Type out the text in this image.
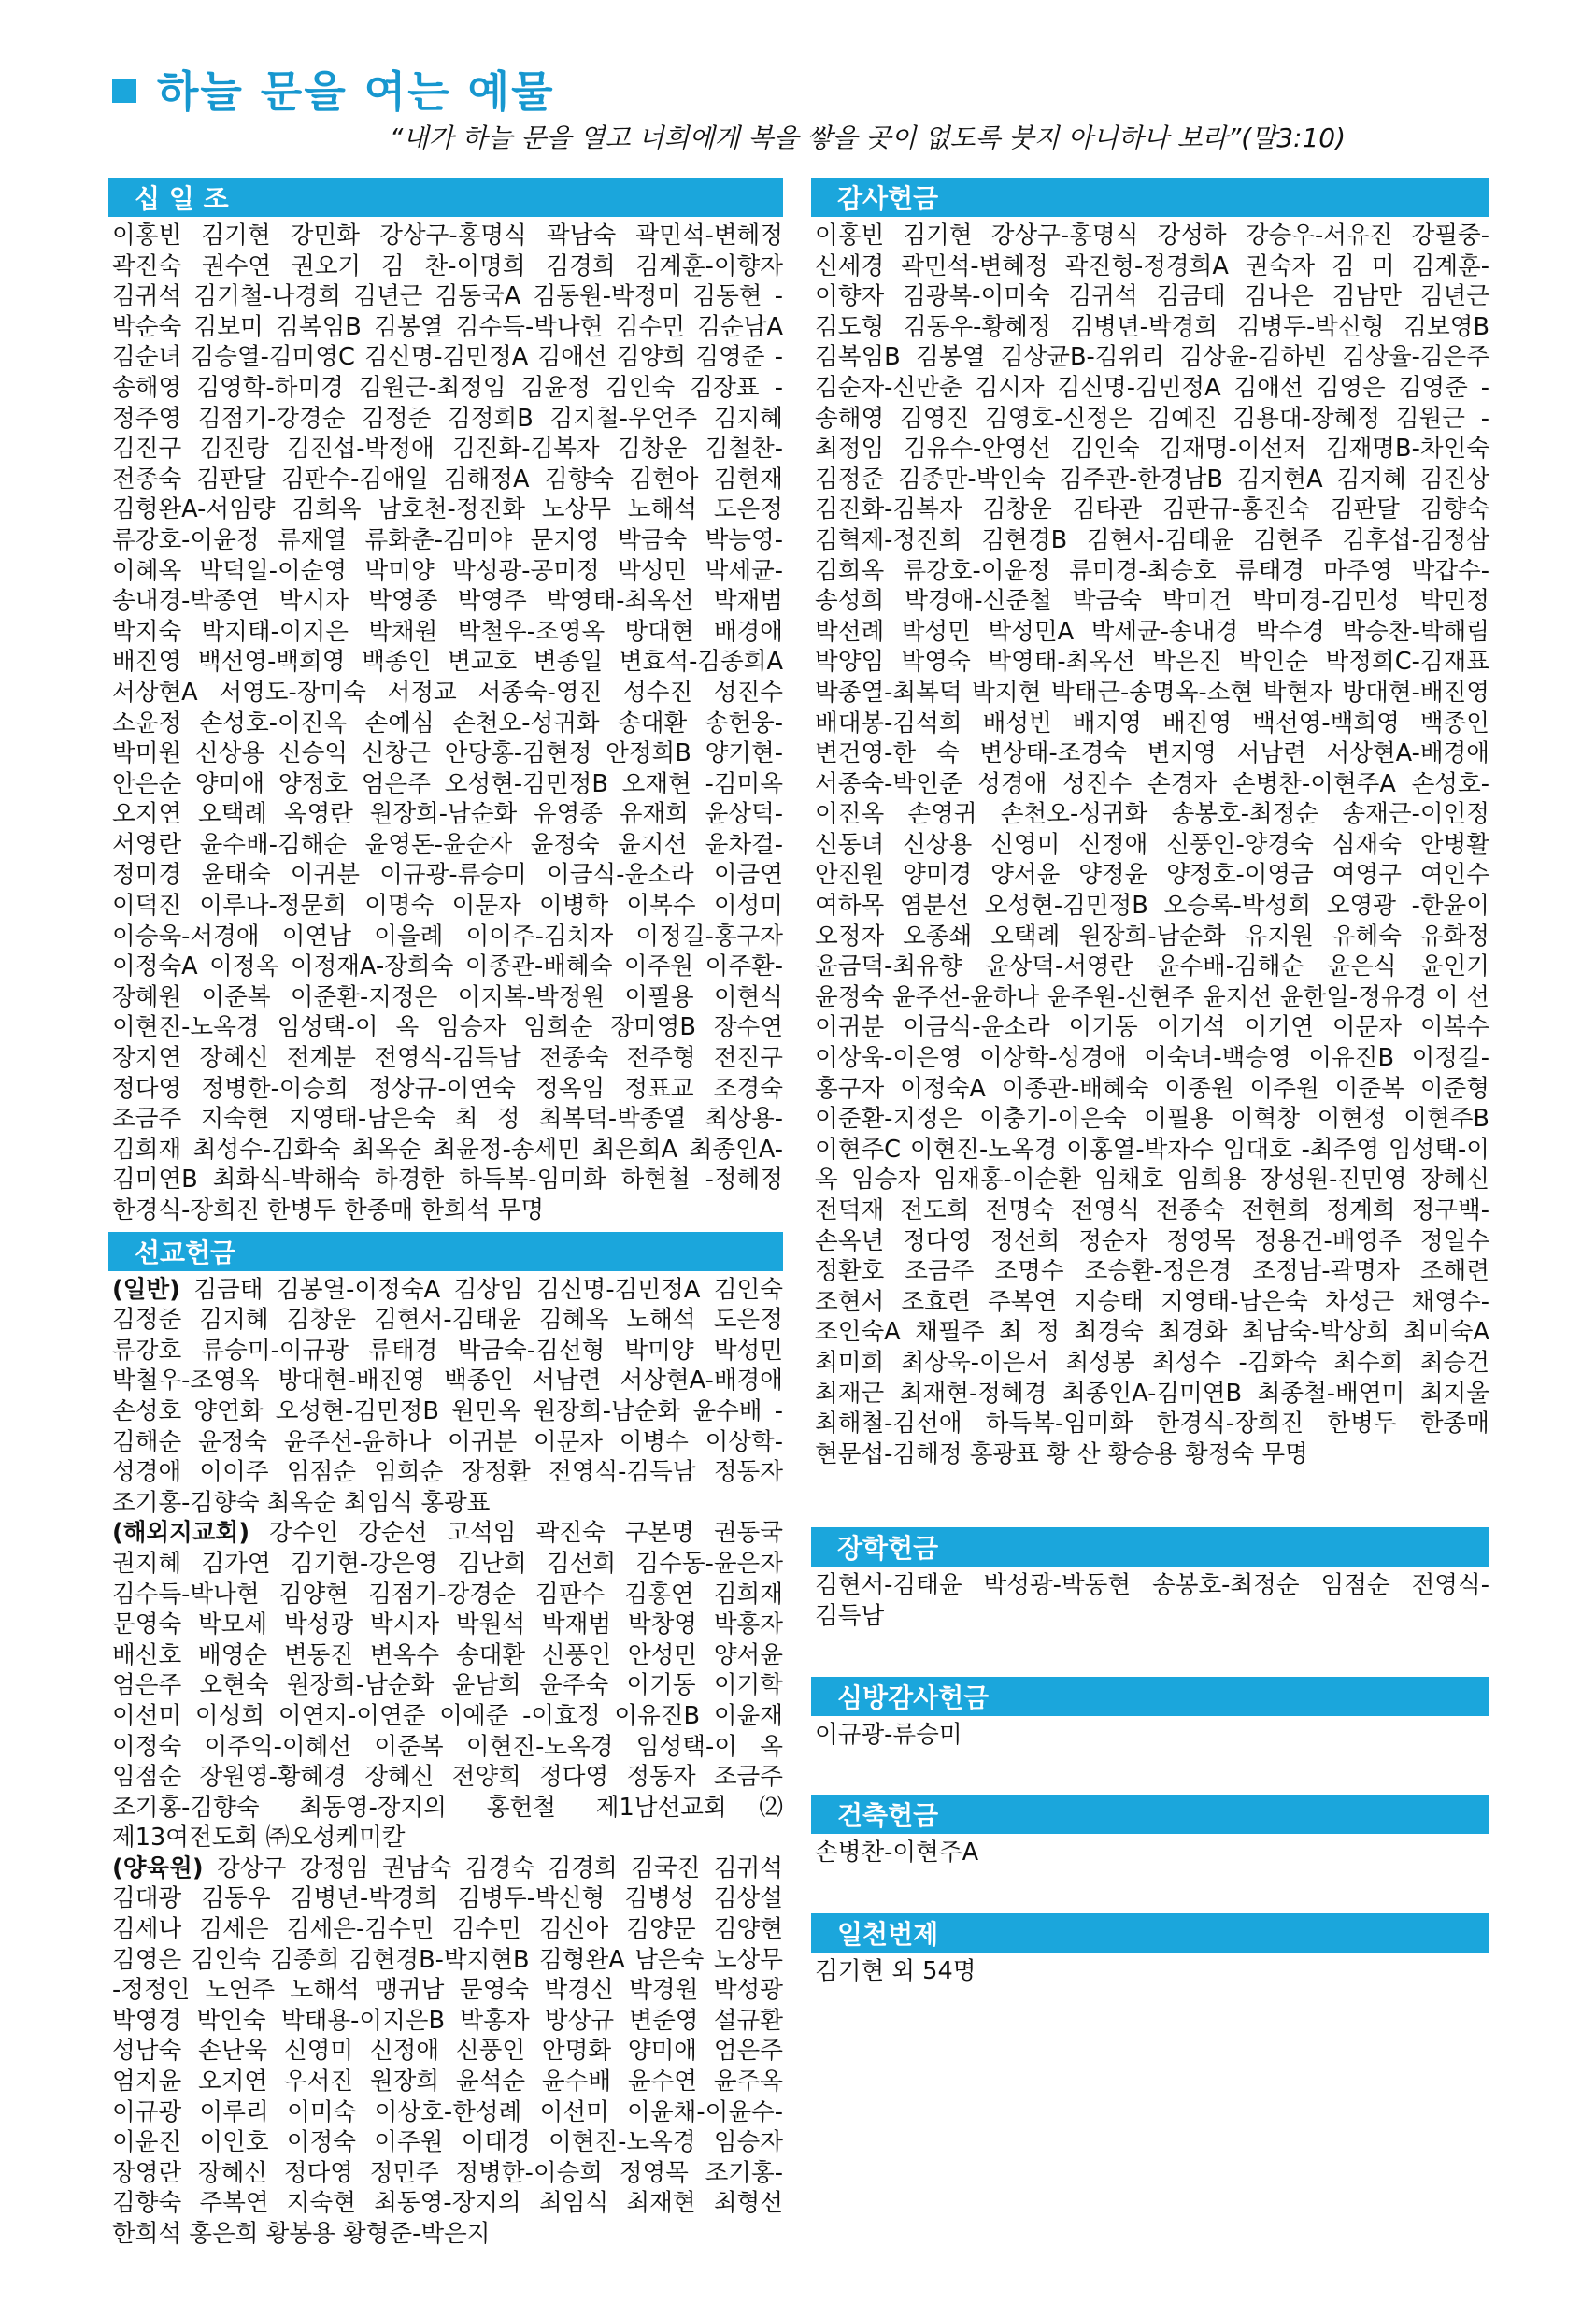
하늘 문을 여는 예물
“내가 하늘 문을 열고 너희에게 복을 쌓을 곳이 없도록 붓지 아니하나 보라”(말3:10)
십 일 조
이홍빈 김기현 강민화 강상구-홍명식 곽남숙 곽민석-변혜정 곽진숙 권수연 권오기 김 찬-이명희 김경희 김계훈-이향자 김귀석 김기철-나경희 김년근 김동국A 김동원-박정미 김동현 -박순숙 김보미 김복임B 김봉열 김수득-박나현 김수민 김순남A 김순녀 김승열-김미영C 김신명-김민정A 김애선 김양희 김영준 -송해영 김영학-하미경 김원근-최정임 김윤정 김인숙 김장표 -정주영 김점기-강경순 김정준 김정희B 김지철-우언주 김지혜 김진구 김진랑 김진섭-박정애 김진화-김복자 김창운 김철찬-전종숙 김판달 김판수-김애일 김해정A 김향숙 김현아 김현재 김형완A-서임량 김희옥 남호천-정진화 노상무 노해석 도은정 류강호-이윤정 류재열 류화춘-김미야 문지영 박금숙 박능영-이혜옥 박덕일-이순영 박미양 박성광-공미정 박성민 박세균-송내경-박종연 박시자 박영종 박영주 박영태-최옥선 박재범 박지숙 박지태-이지은 박채원 박철우-조영옥 방대현 배경애 배진영 백선영-백희영 백종인 변교호 변종일 변효석-김종희A 서상현A 서영도-장미숙 서정교 서종숙-영진 성수진 성진수 소윤정 손성호-이진옥 손예심 손천오-성귀화 송대환 송헌웅-박미원 신상용 신승익 신창근 안당홍-김현정 안정희B 양기현-안은순 양미애 양정호 엄은주 오성현-김민정B 오재현 -김미옥 오지연 오택례 옥영란 원장희-남순화 유영종 유재희 윤상덕-서영란 윤수배-김해순 윤영돈-윤순자 윤정숙 윤지선 윤차걸-정미경 윤태숙 이귀분 이규광-류승미 이금식-윤소라 이금연 이덕진 이루나-정문희 이명숙 이문자 이병학 이복수 이성미 이승욱-서경애 이연남 이을례 이이주-김치자 이정길-홍구자 이정숙A 이정옥 이정재A-장희숙 이종관-배혜숙 이주원 이주환-장혜원 이준복 이준환-지정은 이지복-박정원 이필용 이현식 이현진-노옥경 임성택-이 옥 임승자 임희순 장미영B 장수연 장지연 장혜신 전계분 전영식-김득남 전종숙 전주형 전진구 정다영 정병한-이승희 정상규-이연숙 정옥임 정표교 조경숙 조금주 지숙현 지영태-남은숙 최 정 최복덕-박종열 최상용-김희재 최성수-김화숙 최옥순 최윤정-송세민 최은희A 최종인A-김미연B 최화식-박해숙 하경한 하득복-임미화 하현철 -정혜정 한경식-장희진 한병두 한종매 한희석 무명
선교헌금
(일반) 김금태 김봉열-이정숙A 김상임 김신명-김민정A 김인숙 김정준 김지혜 김창운 김현서-김태윤 김혜옥 노해석 도은정 류강호 류승미-이규광 류태경 박금숙-김선형 박미양 박성민 박철우-조영옥 방대현-배진영 백종인 서남련 서상현A-배경애 손성호 양연화 오성현-김민정B 원민옥 원장희-남순화 윤수배 -김해순 윤정숙 윤주선-윤하나 이귀분 이문자 이병수 이상학-성경애 이이주 임점순 임희순 장정환 전영식-김득남 정동자 조기홍-김향숙 최옥순 최임식 홍광표
(해외지교회) 강수인 강순선 고석임 곽진숙 구본명 권동국 권지혜 김가연 김기현-강은영 김난희 김선희 김수동-윤은자 김수득-박나현 김양현 김점기-강경순 김판수 김홍연 김희재 문영숙 박모세 박성광 박시자 박원석 박재범 박창영 박홍자 배신호 배영순 변동진 변옥수 송대환 신풍인 안성민 양서윤 엄은주 오현숙 원장희-남순화 윤남희 윤주숙 이기동 이기학 이선미 이성희 이연지-이연준 이예준 -이효정 이유진B 이윤재 이정숙 이주익-이혜선 이준복 이현진-노옥경 임성택-이 옥 임점순 장원영-황혜경 장혜신 전양희 정다영 정동자 조금주 조기홍-김향숙 최동영-장지의 홍헌철 제1남선교회⑵ 제13여전도회 ㈜오성케미칼
(양육원) 강상구 강정임 권남숙 김경숙 김경희 김국진 김귀석 김대광 김동우 김병년-박경희 김병두-박신형 김병성 김상설 김세나 김세은 김세은-김수민 김수민 김신아 김양문 김양현 김영은 김인숙 김종희 김현경B-박지현B 김형완A 남은숙 노상무 -정정인 노연주 노해석 맹귀남 문영숙 박경신 박경원 박성광 박영경 박인숙 박태용-이지은B 박홍자 방상규 변준영 설규환 성남숙 손난욱 신영미 신정애 신풍인 안명화 양미애 엄은주 엄지윤 오지연 우서진 원장희 윤석순 윤수배 윤수연 윤주옥 이규광 이루리 이미숙 이상호-한성례 이선미 이윤채-이윤수-이윤진 이인호 이정숙 이주원 이태경 이현진-노옥경 임승자 장영란 장혜신 정다영 정민주 정병한-이승희 정영목 조기홍-김향숙 주복연 지숙현 최동영-장지의 최임식 최재현 최형선 한희석 홍은희 황봉용 황형준-박은지
감사헌금
이홍빈 김기현 강상구-홍명식 강성하 강승우-서유진 강필중-신세경 곽민석-변혜정 곽진형-정경희A 권숙자 김 미 김계훈-이향자 김광복-이미숙 김귀석 김금태 김나은 김남만 김년근 김도형 김동우-황혜정 김병년-박경희 김병두-박신형 김보영B 김복임B 김봉열 김상균B-김위리 김상윤-김하빈 김상율-김은주 김순자-신만춘 김시자 김신명-김민정A 김애선 김영은 김영준 -송해영 김영진 김영호-신정은 김예진 김용대-장혜정 김원근 -최정임 김유수-안영선 김인숙 김재명-이선저 김재명B-차인숙 김정준 김종만-박인숙 김주관-한경남B 김지현A 김지혜 김진상 김진화-김복자 김창운 김타관 김판규-홍진숙 김판달 김향숙 김혁제-정진희 김현경B 김현서-김태윤 김현주 김후섭-김정삼 김희옥 류강호-이윤정 류미경-최승호 류태경 마주영 박갑수-송성희 박경애-신준철 박금숙 박미건 박미경-김민성 박민정 박선례 박성민 박성민A 박세균-송내경 박수경 박승찬-박해림 박양임 박영숙 박영태-최옥선 박은진 박인순 박정희C-김재표 박종열-최복덕 박지현 박태근-송명옥-소현 박현자 방대현-배진영 배대봉-김석희 배성빈 배지영 배진영 백선영-백희영 백종인 변건영-한 숙 변상태-조경숙 변지영 서남련 서상현A-배경애 서종숙-박인준 성경애 성진수 손경자 손병찬-이현주A 손성호-이진옥 손영귀 손천오-성귀화 송봉호-최정순 송재근-이인정 신동녀 신상용 신영미 신정애 신풍인-양경숙 심재숙 안병활 안진원 양미경 양서윤 양정윤 양정호-이영금 여영구 여인수 여하목 염분선 오성현-김민정B 오승록-박성희 오영광 -한윤이 오정자 오종쇄 오택례 원장희-남순화 유지원 유혜숙 유화정 윤금덕-최유향 윤상덕-서영란 윤수배-김해순 윤은식 윤인기 윤정숙 윤주선-윤하나 윤주원-신현주 윤지선 윤한일-정유경 이 선 이귀분 이금식-윤소라 이기동 이기석 이기연 이문자 이복수 이상욱-이은영 이상학-성경애 이숙녀-백승영 이유진B 이정길-홍구자 이정숙A 이종관-배혜숙 이종원 이주원 이준복 이준형 이준환-지정은 이충기-이은숙 이필용 이혁창 이현정 이현주B 이현주C 이현진-노옥경 이홍열-박자수 임대호 -최주영 임성택-이 옥 임승자 임재홍-이순환 임채호 임희용 장성원-진민영 장혜신 전덕재 전도희 전명숙 전영식 전종숙 전현희 정계희 정구백-손옥년 정다영 정선희 정순자 정영목 정용건-배영주 정일수 정환호 조금주 조명수 조승환-정은경 조정남-곽명자 조해련 조현서 조효련 주복연 지승태 지영태-남은숙 차성근 채영수-조인숙A 채필주 최 정 최경숙 최경화 최남숙-박상희 최미숙A 최미희 최상욱-이은서 최성봉 최성수 -김화숙 최수희 최승건 최재근 최재현-정혜경 최종인A-김미연B 최종철-배연미 최지울 최해철-김선애 하득복-임미화 한경식-장희진 한병두 한종매 현문섭-김해정 홍광표 황 산 황승용 황정숙 무명
장학헌금
김현서-김태윤 박성광-박동현 송봉호-최정순 임점순 전영식-김득남
심방감사헌금
이규광-류승미
건축헌금
손병찬-이현주A
일천번제
김기현 외 54명
